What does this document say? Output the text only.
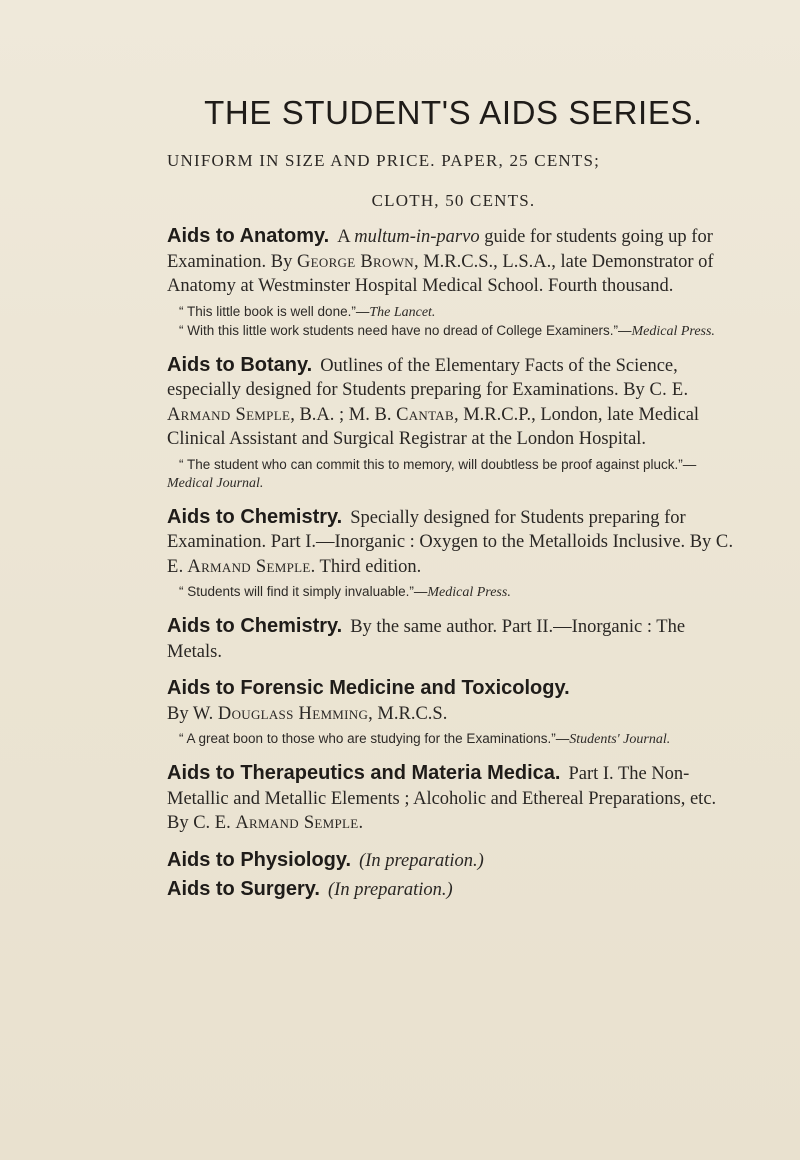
THE STUDENT'S AIDS SERIES.

UNIFORM IN SIZE AND PRICE. PAPER, 25 CENTS;

CLOTH, 50 CENTS.

Aids to Anatomy. A multum-in-parvo guide for students going up for Examination. By George Brown, M.R.C.S., L.S.A., late Demonstrator of Anatomy at Westminster Hospital Medical School. Fourth thousand.

“ This little book is well done.”—The Lancet.

“ With this little work students need have no dread of College Examiners.”—Medical Press.

Aids to Botany. Outlines of the Elementary Facts of the Science, especially designed for Students preparing for Examinations. By C. E. Armand Semple, B.A. ; M. B. Cantab, M.R.C.P., London, late Medical Clinical Assistant and Surgical Registrar at the London Hospital.

“ The student who can commit this to memory, will doubtless be proof against pluck.”—Medical Journal.

Aids to Chemistry. Specially designed for Students preparing for Examination. Part I.—Inorganic : Oxygen to the Metalloids Inclusive. By C. E. Armand Semple. Third edition.

“ Students will find it simply invaluable.”—Medical Press.

Aids to Chemistry. By the same author. Part II.—Inorganic : The Metals.

Aids to Forensic Medicine and Toxicology.
By W. Douglass Hemming, M.R.C.S.

“ A great boon to those who are studying for the Examinations.”—Students' Journal.

Aids to Therapeutics and Materia Medica. Part I. The Non-Metallic and Metallic Elements ; Alcoholic and Ethereal Preparations, etc. By C. E. Armand Semple.

Aids to Physiology. (In preparation.)

Aids to Surgery. (In preparation.)
